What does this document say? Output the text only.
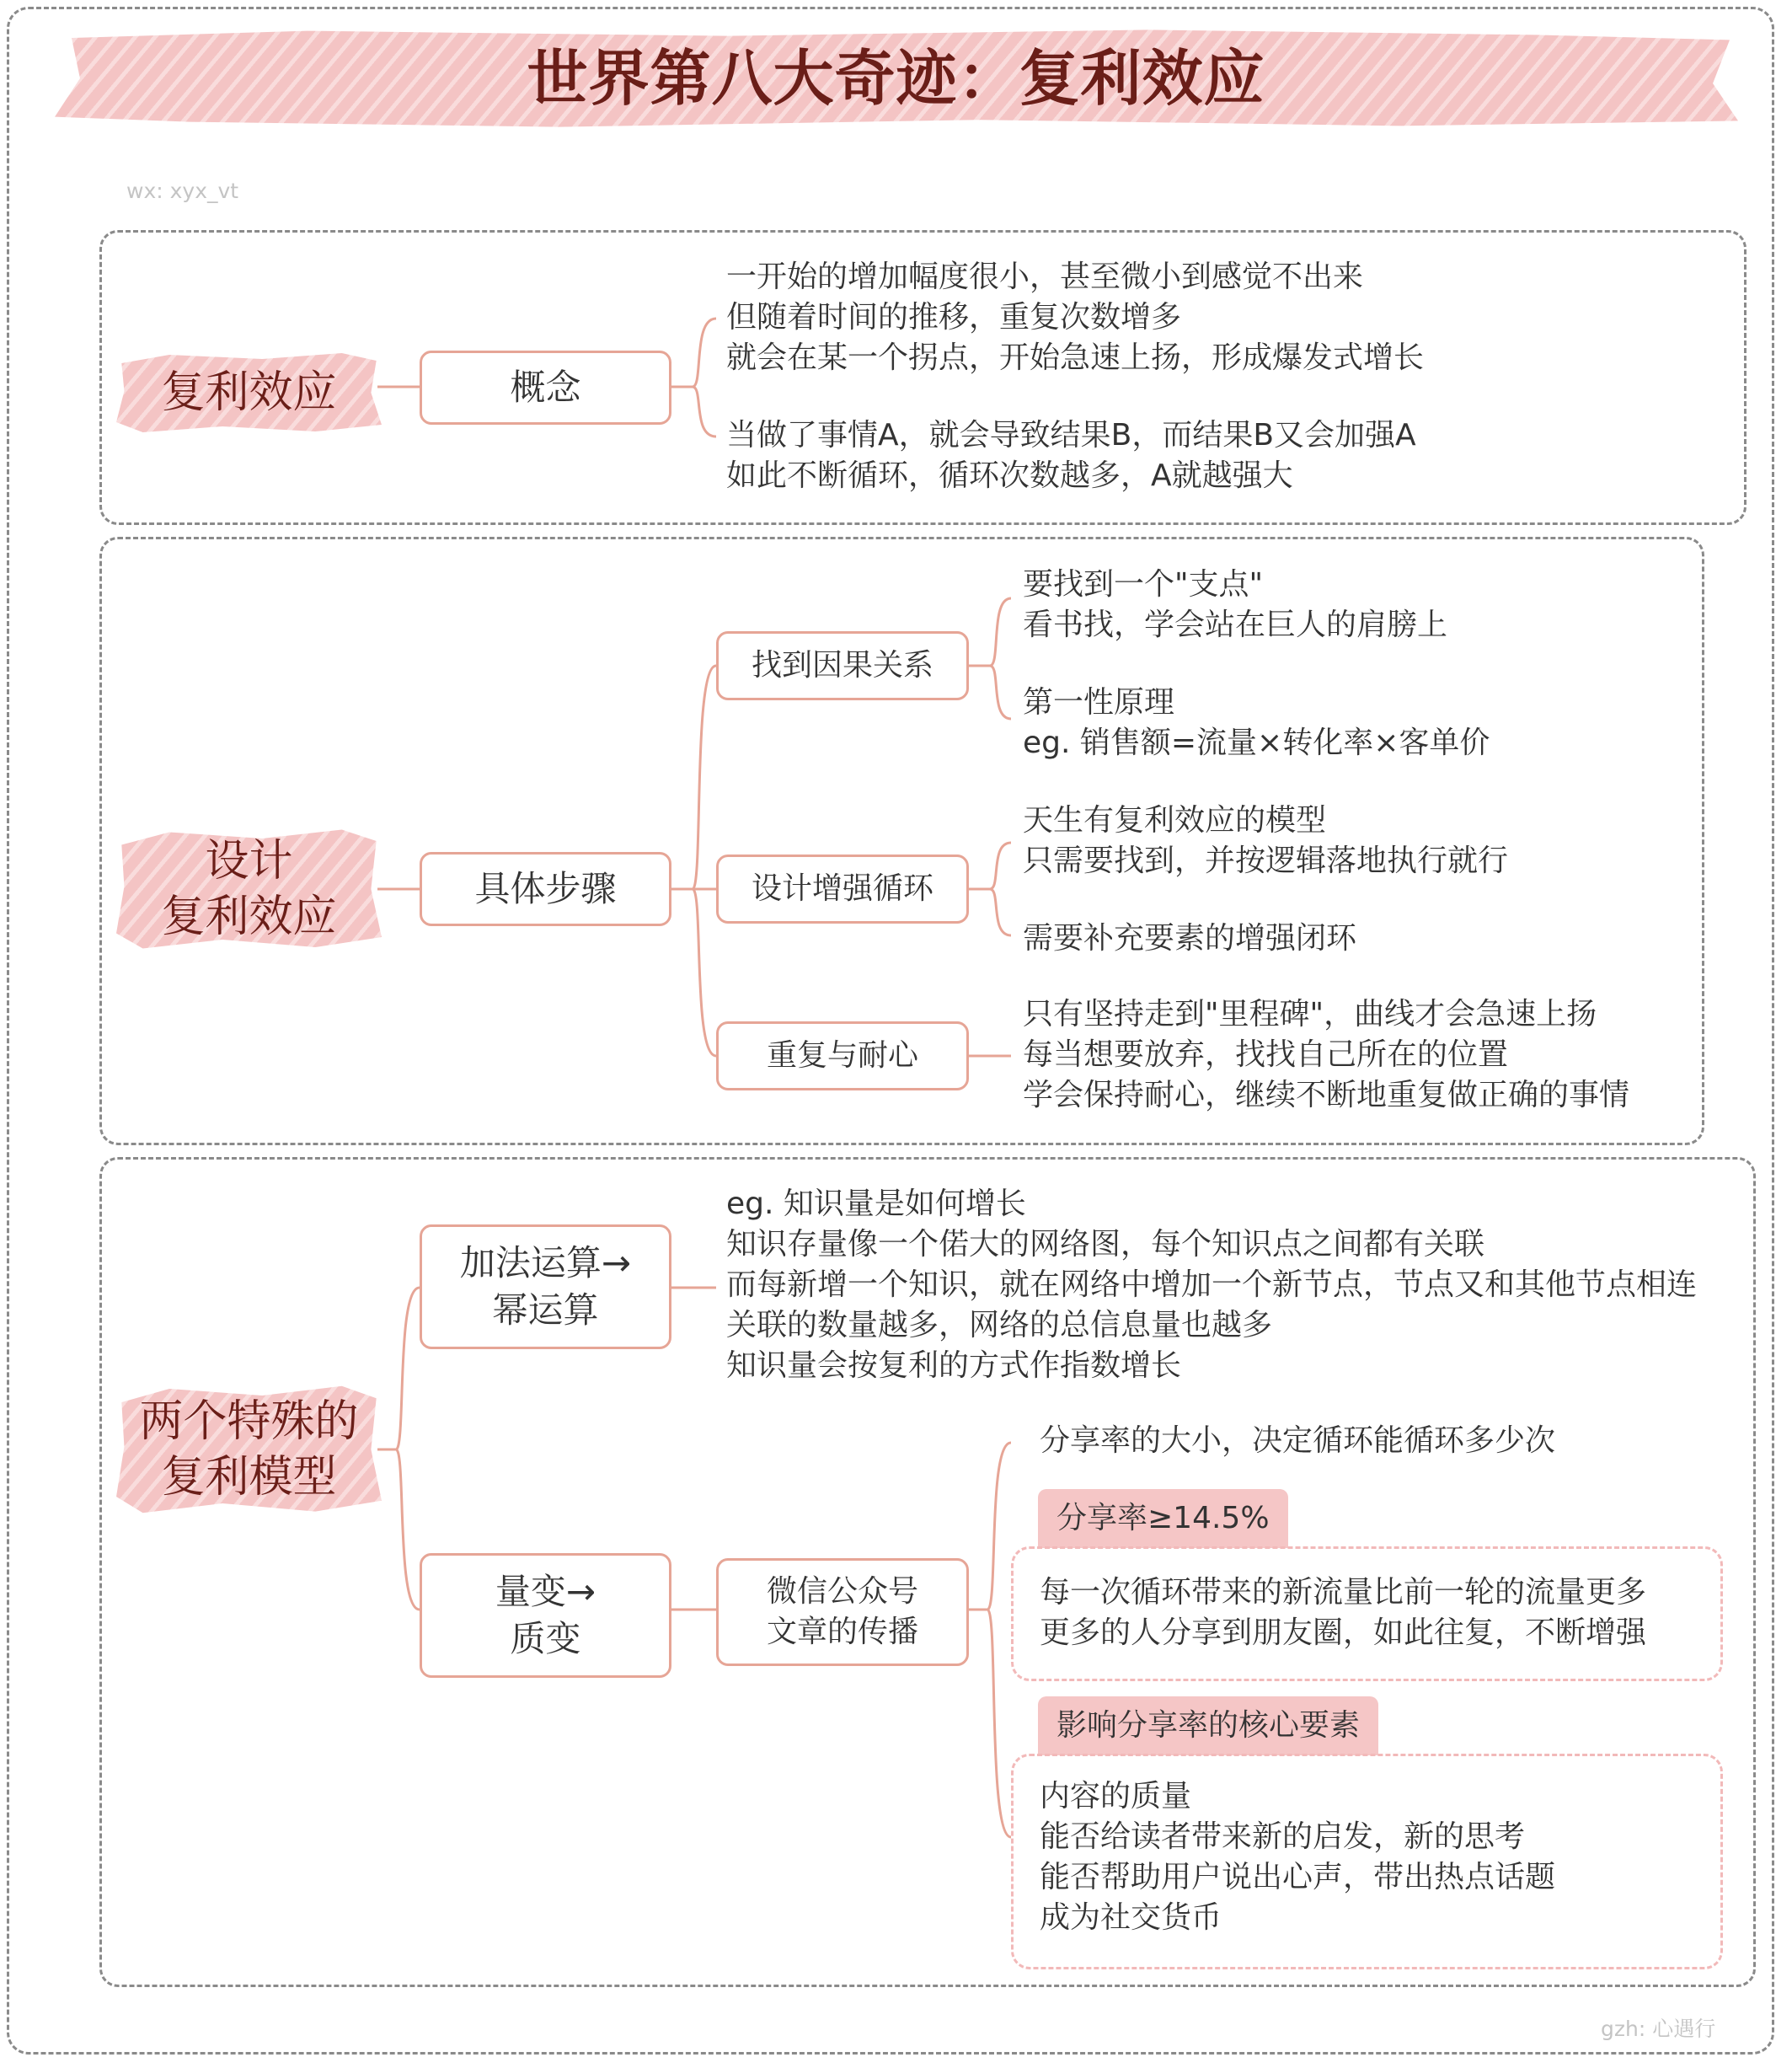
世界第八大奇迹：复利效应
wx: xyx_vt
gzh: 心遇行
复利效应	概念
一开始的增加幅度很小，甚至微小到感觉不出来
但随着时间的推移，重复次数增多
就会在某一个拐点，开始急速上扬，形成爆发式增长
当做了事情A，就会导致结果B，而结果B又会加强A
如此不断循环，循环次数越多，A就越强大
设计
复利效应
具体步骤
找到因果关系
要找到一个"支点"
看书找，学会站在巨人的肩膀上
第一性原理
eg. 销售额=流量×转化率×客单价
设计增强循环
天生有复利效应的模型
只需要找到，并按逻辑落地执行就行
需要补充要素的增强闭环
重复与耐心
只有坚持走到"里程碑"，曲线才会急速上扬
每当想要放弃，找找自己所在的位置
学会保持耐心，继续不断地重复做正确的事情
两个特殊的
复利模型
加法运算→
幂运算
eg. 知识量是如何增长
知识存量像一个偌大的网络图，每个知识点之间都有关联
而每新增一个知识，就在网络中增加一个新节点，节点又和其他节点相连
关联的数量越多，网络的总信息量也越多
知识量会按复利的方式作指数增长
量变→
质变
微信公众号
文章的传播
分享率的大小，决定循环能循环多少次
分享率≥14.5%
每一次循环带来的新流量比前一轮的流量更多
更多的人分享到朋友圈，如此往复，不断增强
影响分享率的核心要素
内容的质量
能否给读者带来新的启发，新的思考
能否帮助用户说出心声，带出热点话题
成为社交货币
